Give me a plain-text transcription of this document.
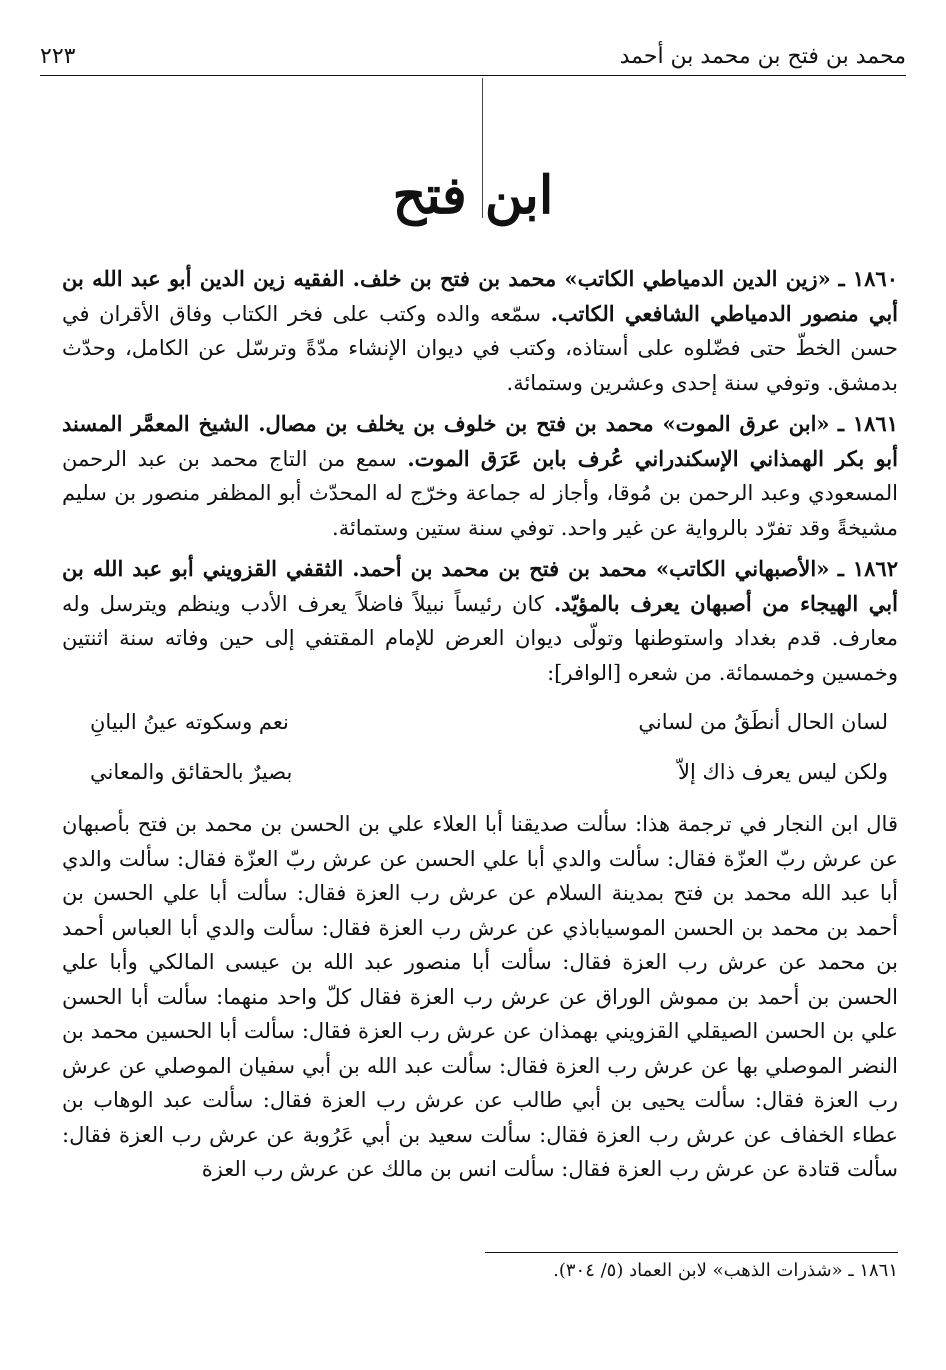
محمد بن فتح بن محمد بن أحمد
٢٢٣
ابن فتح

١٨٦٠ ـ «زين الدين الدمياطي الكاتب» محمد بن فتح بن خلف. الفقيه زين الدين أبو عبد الله بن أبي منصور الدمياطي الشافعي الكاتب. سمّعه والده وكتب على فخر الكتاب وفاق الأقران في حسن الخطّ حتى فضّلوه على أستاذه، وكتب في ديوان الإنشاء مدّةً وترسّل عن الكامل، وحدّث بدمشق. وتوفي سنة إحدى وعشرين وستمائة.

١٨٦١ ـ «ابن عرق الموت» محمد بن فتح بن خلوف بن يخلف بن مصال. الشيخ المعمَّر المسند أبو بكر الهمذاني الإسكندراني عُرف بابن عَرَق الموت. سمع من التاج محمد بن عبد الرحمن المسعودي وعبد الرحمن بن مُوقا، وأجاز له جماعة وخرّج له المحدّث أبو المظفر منصور بن سليم مشيخةً وقد تفرّد بالرواية عن غير واحد. توفي سنة ستين وستمائة.

١٨٦٢ ـ «الأصبهاني الكاتب» محمد بن فتح بن محمد بن أحمد. الثقفي القزويني أبو عبد الله بن أبي الهيجاء من أصبهان يعرف بالمؤيّد. كان رئيساً نبيلاً فاضلاً يعرف الأدب وينظم ويترسل وله معارف. قدم بغداد واستوطنها وتولّى ديوان العرض للإمام المقتفي إلى حين وفاته سنة اثنتين وخمسين وخمسمائة. من شعره [الوافر]:

لسان الحال أنطَقُ من لساني
نعم وسكوته عينُ البيانِ
ولكن ليس يعرف ذاك إلاّ
بصيرٌ بالحقائق والمعاني

قال ابن النجار في ترجمة هذا: سألت صديقنا أبا العلاء علي بن الحسن بن محمد بن فتح بأصبهان عن عرش ربّ العزّة فقال: سألت والدي أبا علي الحسن عن عرش ربّ العزّة فقال: سألت والدي أبا عبد الله محمد بن فتح بمدينة السلام عن عرش رب العزة فقال: سألت أبا علي الحسن بن أحمد بن محمد بن الحسن الموسياباذي عن عرش رب العزة فقال: سألت والدي أبا العباس أحمد بن محمد عن عرش رب العزة فقال: سألت أبا منصور عبد الله بن عيسى المالكي وأبا علي الحسن بن أحمد بن مموش الوراق عن عرش رب العزة فقال كلّ واحد منهما: سألت أبا الحسن علي بن الحسن الصيقلي القزويني بهمذان عن عرش رب العزة فقال: سألت أبا الحسين محمد بن النضر الموصلي بها عن عرش رب العزة فقال: سألت عبد الله بن أبي سفيان الموصلي عن عرش رب العزة فقال: سألت يحيى بن أبي طالب عن عرش رب العزة فقال: سألت عبد الوهاب بن عطاء الخفاف عن عرش رب العزة فقال: سألت سعيد بن أبي عَرُوبة عن عرش رب العزة فقال: سألت قتادة عن عرش رب العزة فقال: سألت انس بن مالك عن عرش رب العزة

١٨٦١ ـ «شذرات الذهب» لابن العماد (٥/ ٣٠٤).
